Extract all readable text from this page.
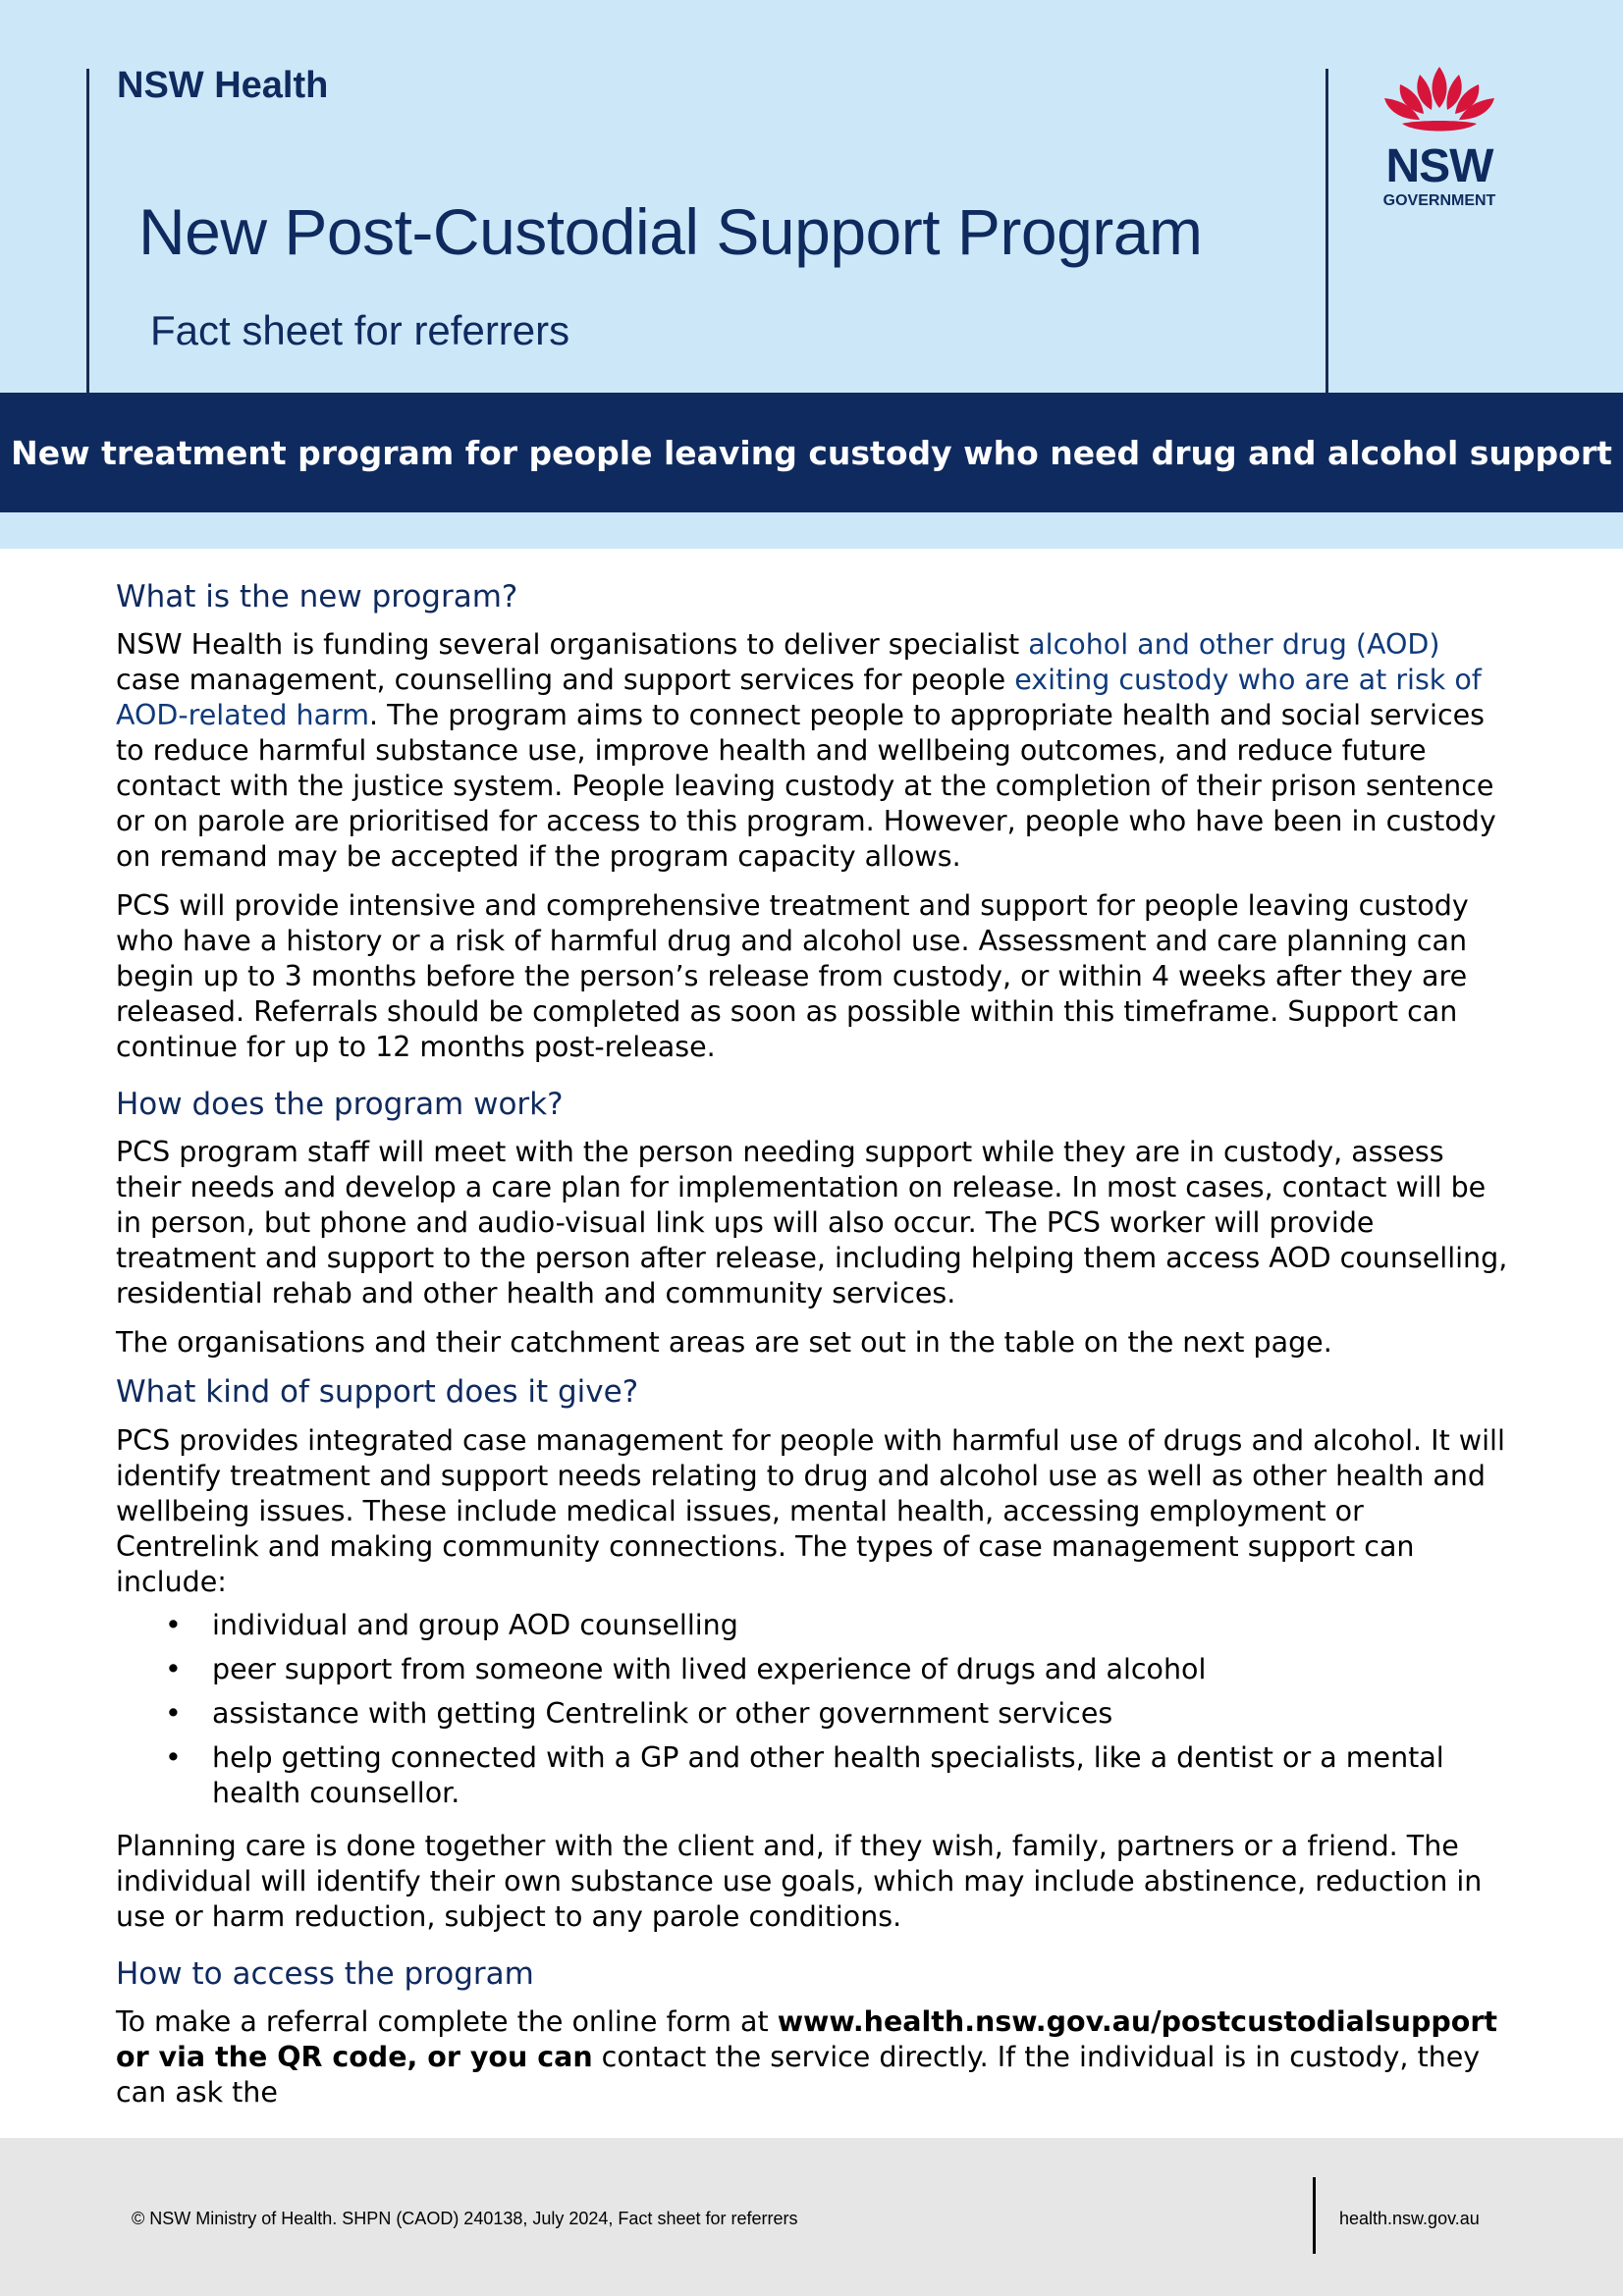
NSW Health
New Post-Custodial Support Program
Fact sheet for referrers
NSW
GOVERNMENT
New treatment program for people leaving custody who need drug and alcohol support
What is the new program?

NSW Health is funding several organisations to deliver specialist alcohol and other drug (AOD) case management, counselling and support services for people exiting custody who are at risk of AOD-related harm. The program aims to connect people to appropriate health and social services to reduce harmful substance use, improve health and wellbeing outcomes, and reduce future contact with the justice system. People leaving custody at the completion of their prison sentence or on parole are prioritised for access to this program. However, people who have been in custody on remand may be accepted if the program capacity allows.

PCS will provide intensive and comprehensive treatment and support for people leaving custody who have a history or a risk of harmful drug and alcohol use. Assessment and care planning can begin up to 3 months before the person’s release from custody, or within 4 weeks after they are released. Referrals should be completed as soon as possible within this timeframe. Support can continue for up to 12 months post-release.

How does the program work?

PCS program staff will meet with the person needing support while they are in custody, assess their needs and develop a care plan for implementation on release. In most cases, contact will be in person, but phone and audio-visual link ups will also occur. The PCS worker will provide treatment and support to the person after release, including helping them access AOD counselling, residential rehab and other health and community services.

The organisations and their catchment areas are set out in the table on the next page.

What kind of support does it give?

PCS provides integrated case management for people with harmful use of drugs and alcohol. It will identify treatment and support needs relating to drug and alcohol use as well as other health and wellbeing issues. These include medical issues, mental health, accessing employment or Centrelink and making community connections. The types of case management support can include:

• individual and group AOD counselling
• peer support from someone with lived experience of drugs and alcohol
• assistance with getting Centrelink or other government services
• help getting connected with a GP and other health specialists, like a dentist or a mental health counsellor.

Planning care is done together with the client and, if they wish, family, partners or a friend. The individual will identify their own substance use goals, which may include abstinence, reduction in use or harm reduction, subject to any parole conditions.

How to access the program

To make a referral complete the online form at www.health.nsw.gov.au/postcustodialsupport or via the QR code, or you can contact the service directly. If the individual is in custody, they can ask the

© NSW Ministry of Health. SHPN (CAOD) 240138, July 2024, Fact sheet for referrers	health.nsw.gov.au
